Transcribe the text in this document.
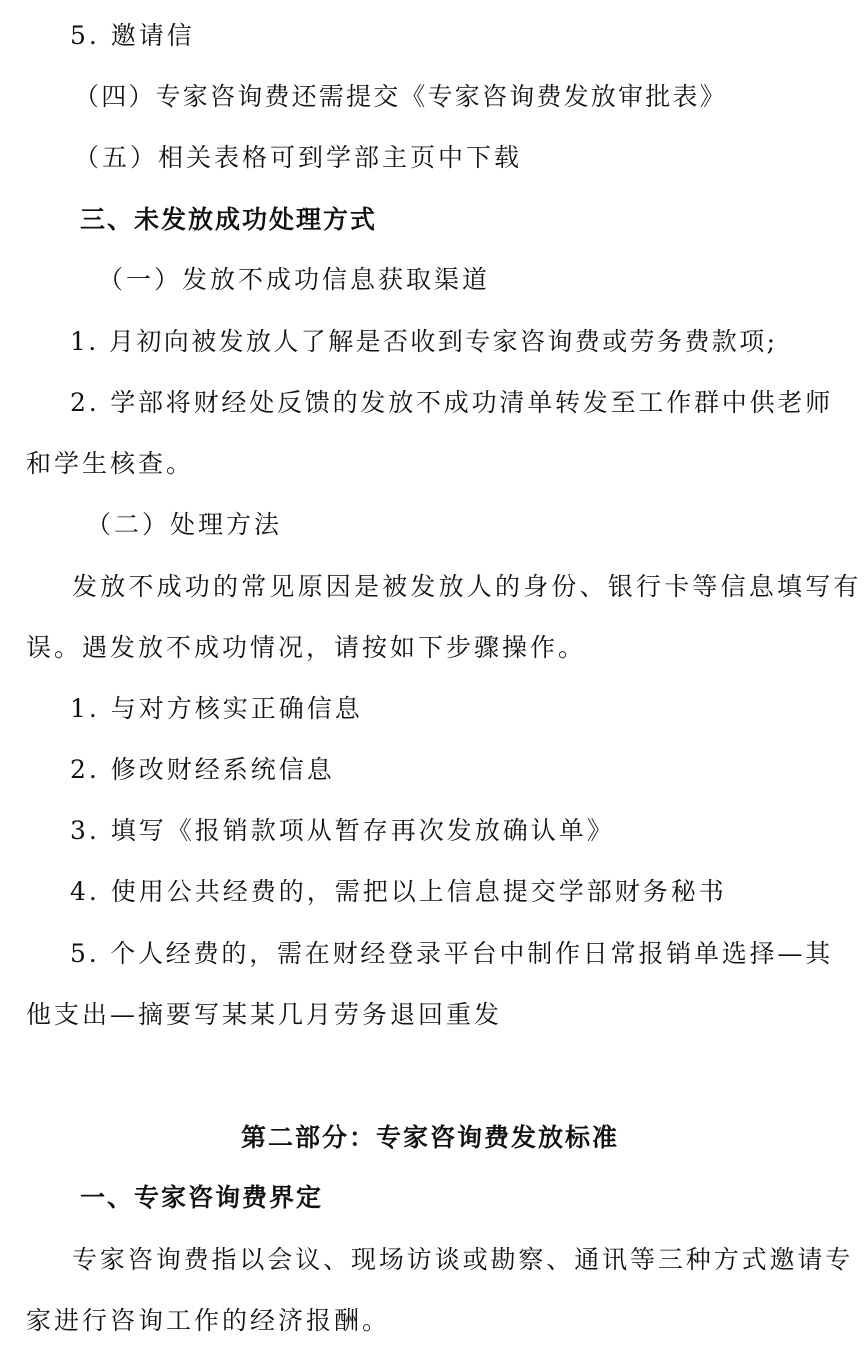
5. 邀请信
（四）专家咨询费还需提交《专家咨询费发放审批表》
（五）相关表格可到学部主页中下载
三、未发放成功处理方式
（一）发放不成功信息获取渠道
1. 月初向被发放人了解是否收到专家咨询费或劳务费款项;
2. 学部将财经处反馈的发放不成功清单转发至工作群中供老师
和学生核查。
（二）处理方法
发放不成功的常见原因是被发放人的身份、银行卡等信息填写有
误。遇发放不成功情况，请按如下步骤操作。
1. 与对方核实正确信息
2. 修改财经系统信息
3. 填写《报销款项从暂存再次发放确认单》
4. 使用公共经费的，需把以上信息提交学部财务秘书
5. 个人经费的，需在财经登录平台中制作日常报销单选择—其
他支出—摘要写某某几月劳务退回重发
第二部分：专家咨询费发放标准
一、专家咨询费界定
专家咨询费指以会议、现场访谈或勘察、通讯等三种方式邀请专
家进行咨询工作的经济报酬。
